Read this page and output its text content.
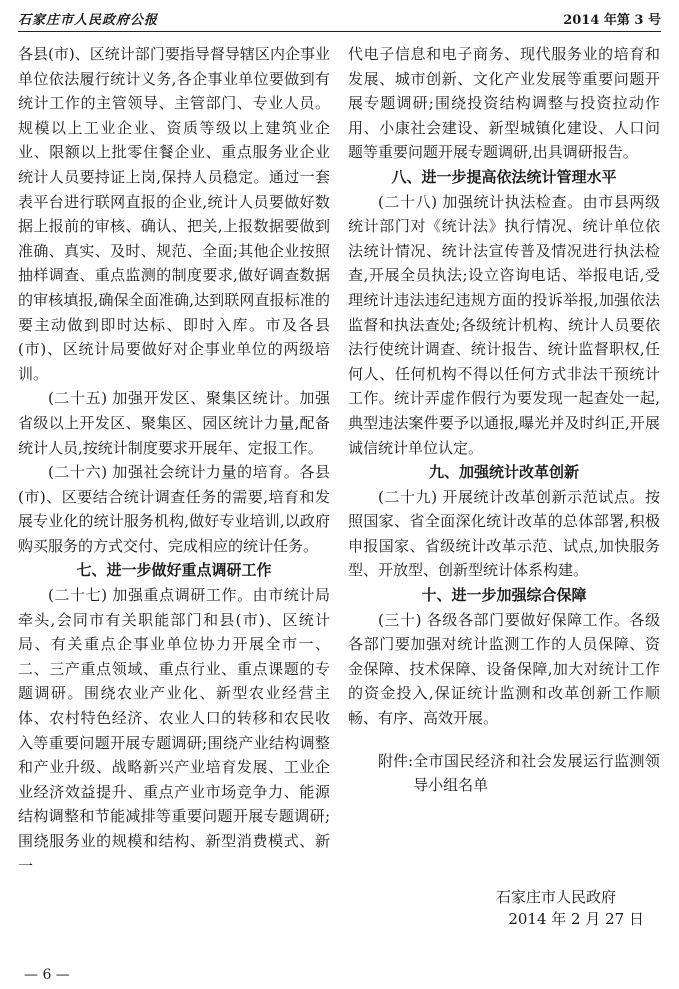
石家庄市人民政府公报	2014 年第 3 号

各县(市)、区统计部门要指导督导辖区内企事业单位依法履行统计义务,各企事业单位要做到有统计工作的主管领导、主管部门、专业人员。规模以上工业企业、资质等级以上建筑业企业、限额以上批零住餐企业、重点服务业企业统计人员要持证上岗,保持人员稳定。通过一套表平台进行联网直报的企业,统计人员要做好数据上报前的审核、确认、把关,上报数据要做到准确、真实、及时、规范、全面;其他企业按照抽样调查、重点监测的制度要求,做好调查数据的审核填报,确保全面准确,达到联网直报标准的要主动做到即时达标、即时入库。市及各县(市)、区统计局要做好对企事业单位的两级培训。

(二十五) 加强开发区、聚集区统计。加强省级以上开发区、聚集区、园区统计力量,配备统计人员,按统计制度要求开展年、定报工作。

(二十六) 加强社会统计力量的培育。各县(市)、区要结合统计调查任务的需要,培育和发展专业化的统计服务机构,做好专业培训,以政府购买服务的方式交付、完成相应的统计任务。

七、进一步做好重点调研工作

(二十七) 加强重点调研工作。由市统计局牵头,会同市有关职能部门和县(市)、区统计局、有关重点企事业单位协力开展全市一、二、三产重点领域、重点行业、重点课题的专题调研。围绕农业产业化、新型农业经营主体、农村特色经济、农业人口的转移和农民收入等重要问题开展专题调研;围绕产业结构调整和产业升级、战略新兴产业培育发展、工业企业经济效益提升、重点产业市场竞争力、能源结构调整和节能减排等重要问题开展专题调研;围绕服务业的规模和结构、新型消费模式、新一

代电子信息和电子商务、现代服务业的培育和发展、城市创新、文化产业发展等重要问题开展专题调研;围绕投资结构调整与投资拉动作用、小康社会建设、新型城镇化建设、人口问题等重要问题开展专题调研,出具调研报告。

八、进一步提高依法统计管理水平

(二十八) 加强统计执法检查。由市县两级统计部门对《统计法》执行情况、统计单位依法统计情况、统计法宣传普及情况进行执法检查,开展全员执法;设立咨询电话、举报电话,受理统计违法违纪违规方面的投诉举报,加强依法监督和执法查处;各级统计机构、统计人员要依法行使统计调查、统计报告、统计监督职权,任何人、任何机构不得以任何方式非法干预统计工作。统计弄虚作假行为要发现一起查处一起,典型违法案件要予以通报,曝光并及时纠正,开展诚信统计单位认定。

九、加强统计改革创新

(二十九) 开展统计改革创新示范试点。按照国家、省全面深化统计改革的总体部署,积极申报国家、省级统计改革示范、试点,加快服务型、开放型、创新型统计体系构建。

十、进一步加强综合保障

(三十) 各级各部门要做好保障工作。各级各部门要加强对统计监测工作的人员保障、资金保障、技术保障、设备保障,加大对统计工作的资金投入,保证统计监测和改革创新工作顺畅、有序、高效开展。

附件: 全市国民经济和社会发展运行监测领导小组名单

石家庄市人民政府
2014 年 2 月 27 日
— 6 —
